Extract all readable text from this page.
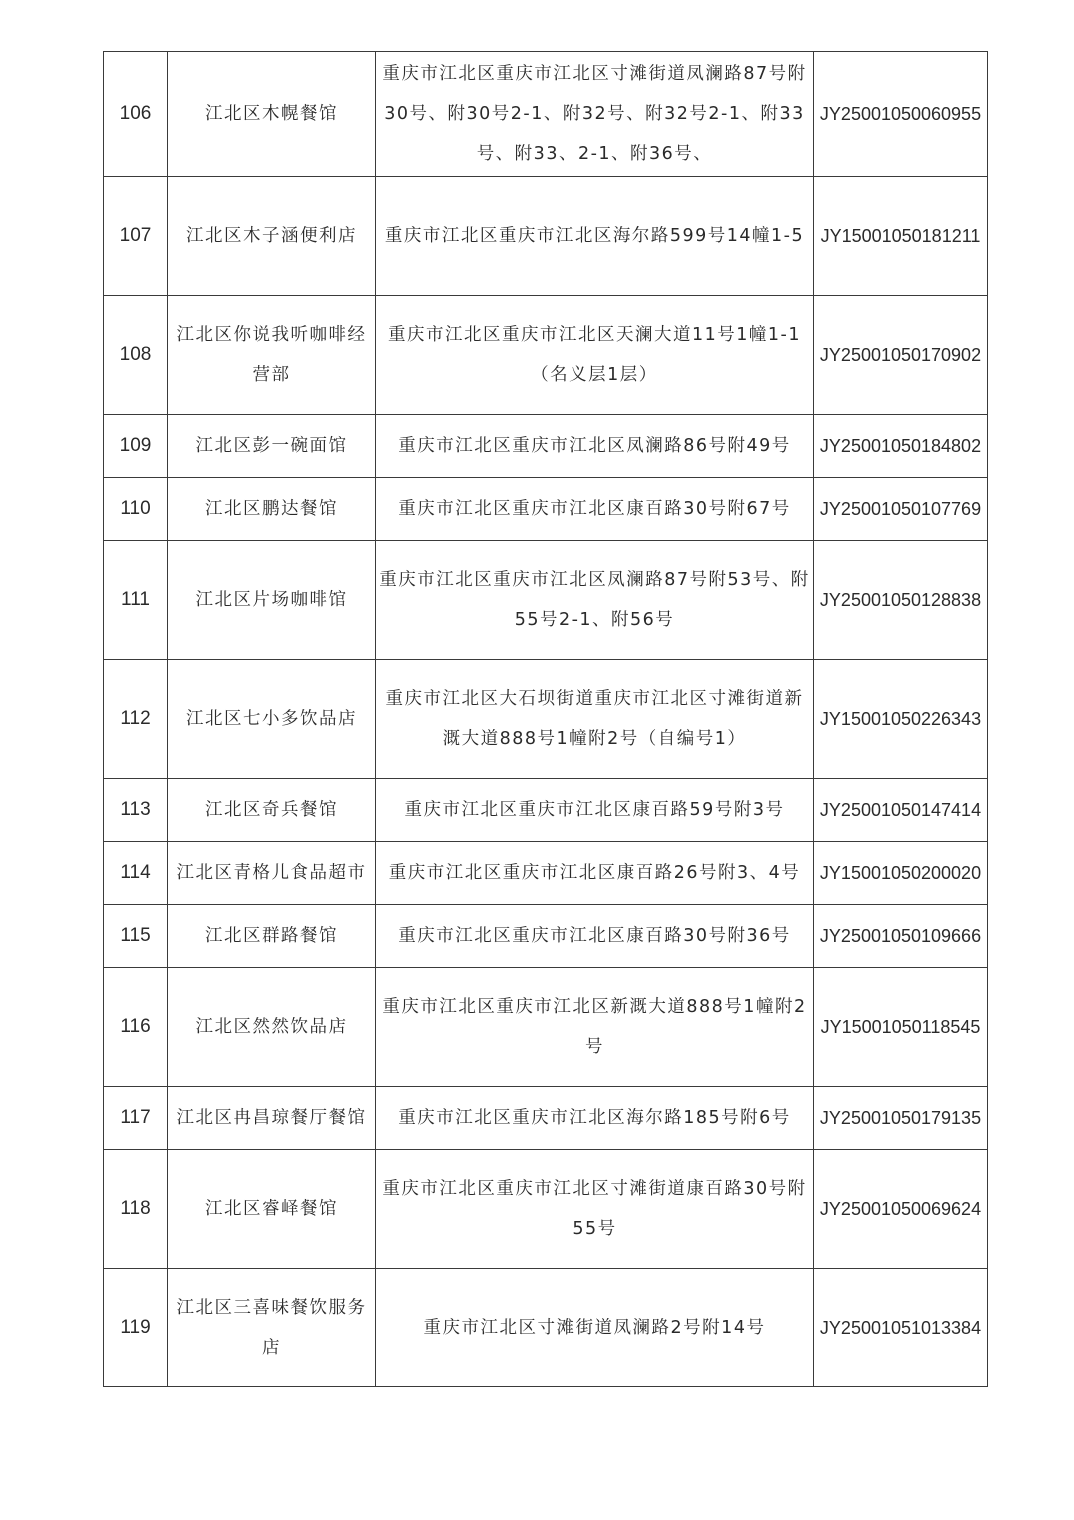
106	江北区木幌餐馆	重庆市江北区重庆市江北区寸滩街道凤澜路87号附30号、附30号2-1、附32号、附32号2-1、附33号、附33、2-1、附36号、	JY25001050060955
107	江北区木子涵便利店	重庆市江北区重庆市江北区海尔路599号14幢1-5	JY15001050181211
108	江北区你说我听咖啡经营部	重庆市江北区重庆市江北区天澜大道11号1幢1-1（名义层1层）	JY25001050170902
109	江北区彭一碗面馆	重庆市江北区重庆市江北区凤澜路86号附49号	JY25001050184802
110	江北区鹏达餐馆	重庆市江北区重庆市江北区康百路30号附67号	JY25001050107769
111	江北区片场咖啡馆	重庆市江北区重庆市江北区凤澜路87号附53号、附55号2-1、附56号	JY25001050128838
112	江北区七小多饮品店	重庆市江北区大石坝街道重庆市江北区寸滩街道新溉大道888号1幢附2号（自编号1）	JY15001050226343
113	江北区奇兵餐馆	重庆市江北区重庆市江北区康百路59号附3号	JY25001050147414
114	江北区青格儿食品超市	重庆市江北区重庆市江北区康百路26号附3、4号	JY15001050200020
115	江北区群路餐馆	重庆市江北区重庆市江北区康百路30号附36号	JY25001050109666
116	江北区然然饮品店	重庆市江北区重庆市江北区新溉大道888号1幢附2号	JY15001050118545
117	江北区冉昌琼餐厅餐馆	重庆市江北区重庆市江北区海尔路185号附6号	JY25001050179135
118	江北区睿峄餐馆	重庆市江北区重庆市江北区寸滩街道康百路30号附55号	JY25001050069624
119	江北区三喜味餐饮服务店	重庆市江北区寸滩街道凤澜路2号附14号	JY25001051013384
